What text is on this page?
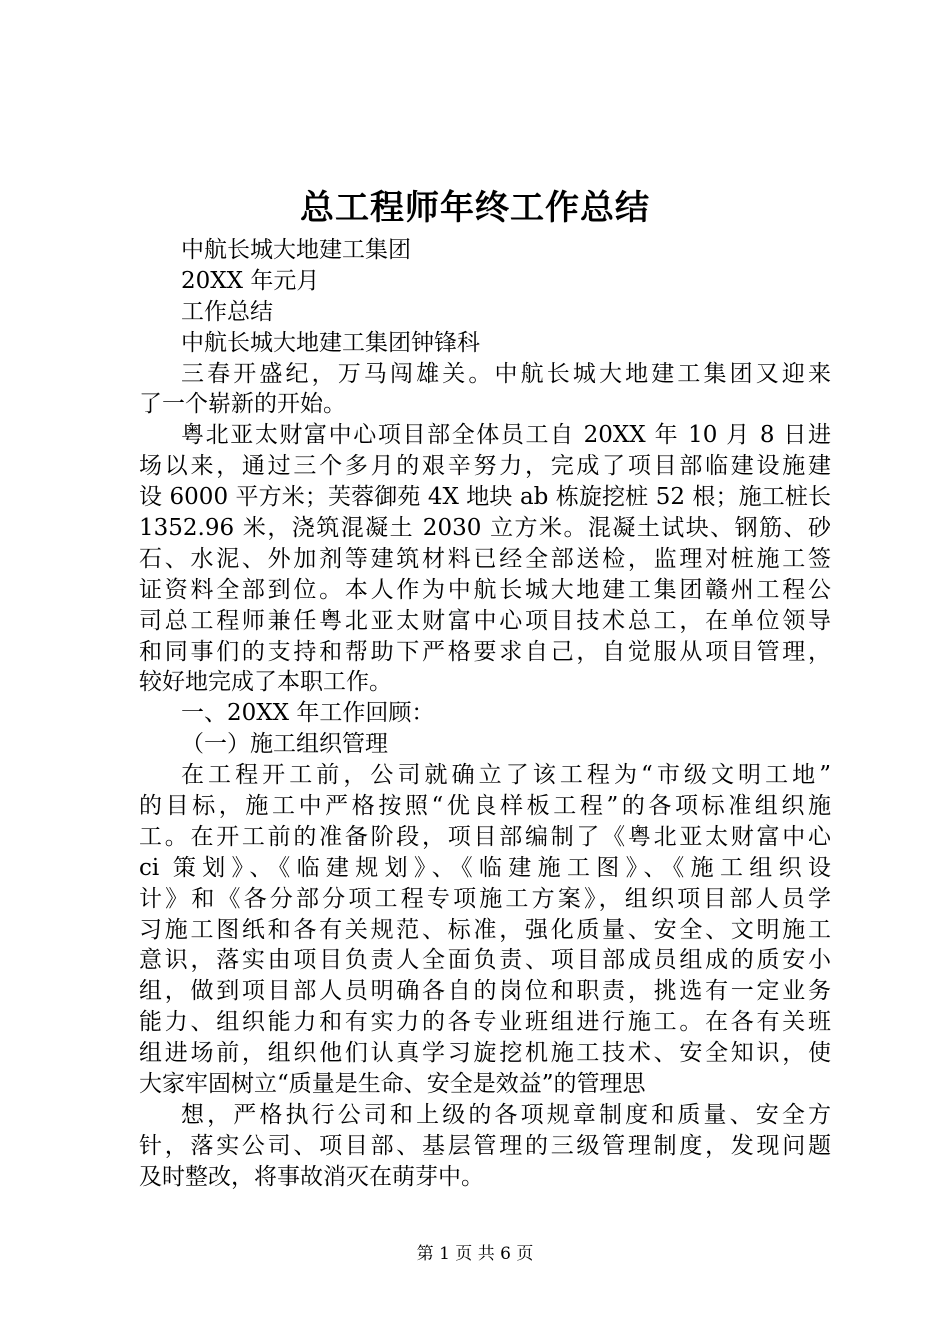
总工程师年终工作总结
中航长城大地建工集团
20XX 年元月
工作总结
中航长城大地建工集团钟锋科
三春开盛纪，万马闯雄关。中航长城大地建工集团又迎来
了一个崭新的开始。
粤北亚太财富中心项目部全体员工自 20XX 年 10 月 8 日进
场以来，通过三个多月的艰辛努力，完成了项目部临建设施建
设 6000 平方米；芙蓉御苑 4X 地块 ab 栋旋挖桩 52 根；施工桩长
1352.96 米，浇筑混凝土 2030 立方米。混凝土试块、钢筋、砂
石、水泥、外加剂等建筑材料已经全部送检，监理对桩施工签
证资料全部到位。本人作为中航长城大地建工集团赣州工程公
司总工程师兼任粤北亚太财富中心项目技术总工，在单位领导
和同事们的支持和帮助下严格要求自己，自觉服从项目管理，
较好地完成了本职工作。
一、20XX 年工作回顾：
（一）施工组织管理
在工程开工前，公司就确立了该工程为“市级文明工地”
的目标，施工中严格按照“优良样板工程”的各项标准组织施
工。在开工前的准备阶段，项目部编制了《粤北亚太财富中心
ci 策划》、《临建规划》、《临建施工图》、《施工组织设
计》和《各分部分项工程专项施工方案》，组织项目部人员学
习施工图纸和各有关规范、标准，强化质量、安全、文明施工
意识，落实由项目负责人全面负责、项目部成员组成的质安小
组，做到项目部人员明确各自的岗位和职责，挑选有一定业务
能力、组织能力和有实力的各专业班组进行施工。在各有关班
组进场前，组织他们认真学习旋挖机施工技术、安全知识，使
大家牢固树立“质量是生命、安全是效益”的管理思
想，严格执行公司和上级的各项规章制度和质量、安全方
针，落实公司、项目部、基层管理的三级管理制度，发现问题
及时整改，将事故消灭在萌芽中。
第 1 页 共 6 页
